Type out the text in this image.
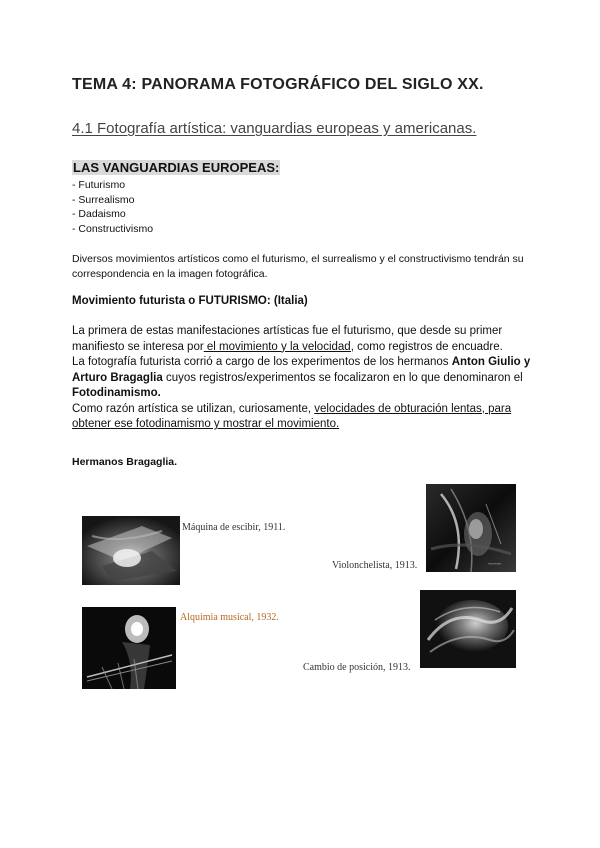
TEMA 4: PANORAMA FOTOGRÁFICO DEL SIGLO XX.
4.1 Fotografía artística: vanguardias europeas y americanas.
LAS VANGUARDIAS EUROPEAS:
- Futurismo
- Surrealismo
- Dadaismo
- Constructivismo
Diversos movimientos artísticos como el futurismo, el surrealismo y el constructivismo tendrán su correspondencia en la imagen fotográfica.
Movimiento futurista o FUTURISMO: (Italia)
La primera de estas manifestaciones artísticas fue el futurismo, que desde su primer manifiesto se interesa por el movimiento y la velocidad, como registros de encuadre.
La fotografía futurista corrió a cargo de los experimentos de los hermanos Anton Giulio y Arturo Bragaglia cuyos registros/experimentos se focalizaron en lo que denominaron el Fotodinamismo.
Como razón artística se utilizan, curiosamente, velocidades de obturación lentas, para obtener ese fotodinamismo y mostrar el movimiento.
Hermanos Bragaglia.
Máquina de escibir, 1911.
~~~~
Violonchelista, 1913.
Alquimia musical, 1932.
Cambio de posición, 1913.
